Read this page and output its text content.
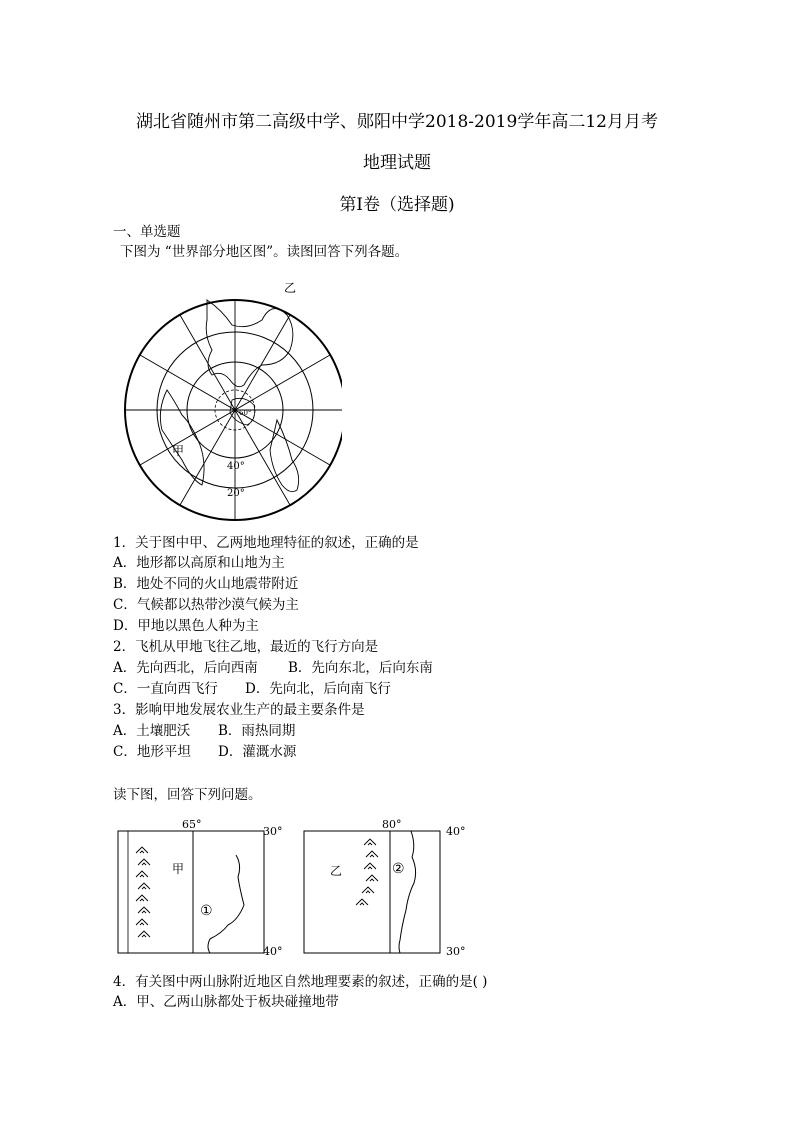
湖北省随州市第二高级中学、郧阳中学2018-2019学年高二12月月考
地理试题
第Ⅰ卷（选择题)
一、单选题
下图为 “世界部分地区图”。读图回答下列各题。
乙
甲
40°
20°
60°
1．关于图中甲、乙两地地理特征的叙述，正确的是
A．地形都以高原和山地为主
B．地处不同的火山地震带附近
C．气候都以热带沙漠气候为主
D．甲地以黑色人种为主
2．飞机从甲地飞往乙地，最近的飞行方向是
A．先向西北，后向西南 B．先向东北，后向东南
C．一直向西飞行 D．先向北，后向南飞行
3．影响甲地发展农业生产的最主要条件是
A．土壤肥沃 B．雨热同期
C．地形平坦 D．灌溉水源
读下图，回答下列问题。
65°
30°
40°
甲
①
80°
40°
30°
乙	②
4．有关图中两山脉附近地区自然地理要素的叙述，正确的是( )
A．甲、乙两山脉都处于板块碰撞地带
